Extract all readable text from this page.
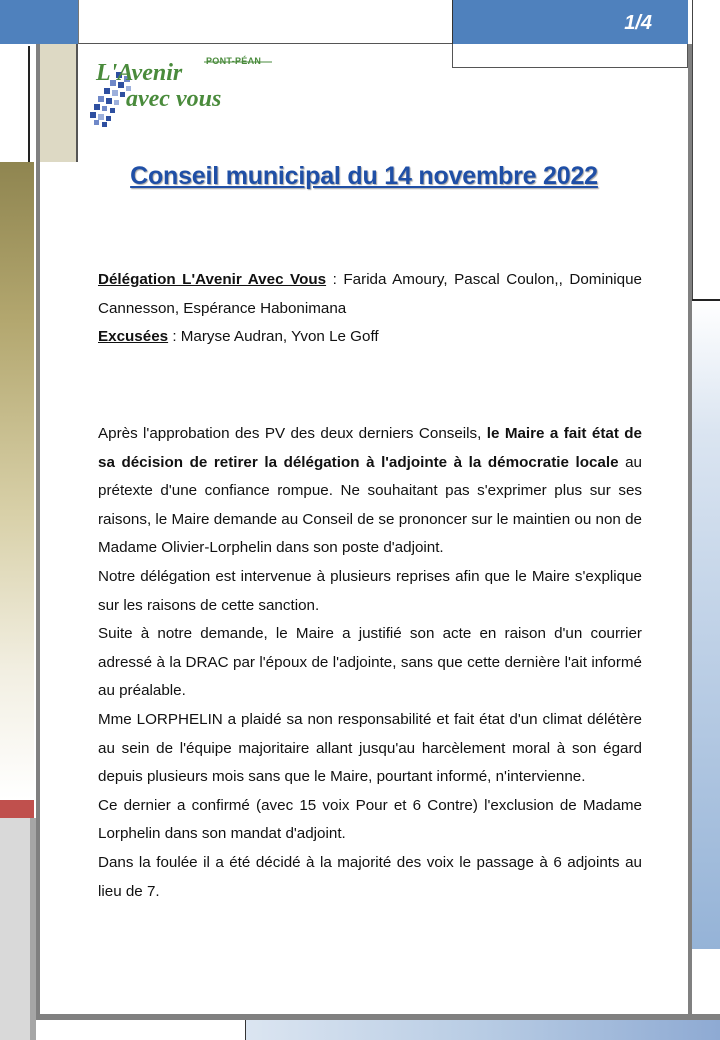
1/4
PONT-PÉAN
L'Avenir
avec vous
Conseil municipal du 14 novembre 2022
Délégation L'Avenir Avec Vous : Farida Amoury, Pascal Coulon,, Dominique Cannesson, Espérance Habonimana
Excusées : Maryse Audran, Yvon Le Goff
Après l'approbation des PV des deux derniers Conseils, le Maire a fait état de sa décision de retirer la délégation à l'adjointe à la démocratie locale au prétexte d'une confiance rompue. Ne souhaitant pas s'exprimer plus sur ses raisons, le Maire demande au Conseil de se prononcer sur le maintien ou non de Madame Olivier-Lorphelin dans son poste d'adjoint.
Notre délégation est intervenue à plusieurs reprises afin que le Maire s'explique sur les raisons de cette sanction.
Suite à notre demande, le Maire a justifié son acte en raison d'un courrier adressé à la DRAC par l'époux de l'adjointe, sans que cette dernière l'ait informé au préalable.
Mme LORPHELIN a plaidé sa non responsabilité et fait état d'un climat délétère au sein de l'équipe majoritaire allant jusqu'au harcèlement moral à son égard depuis plusieurs mois sans que le Maire, pourtant informé, n'intervienne.
Ce dernier a confirmé (avec 15 voix Pour et 6 Contre) l'exclusion de Madame Lorphelin dans son mandat d'adjoint.
Dans la foulée il a été décidé à la majorité des voix le passage à 6 adjoints au lieu de 7.
